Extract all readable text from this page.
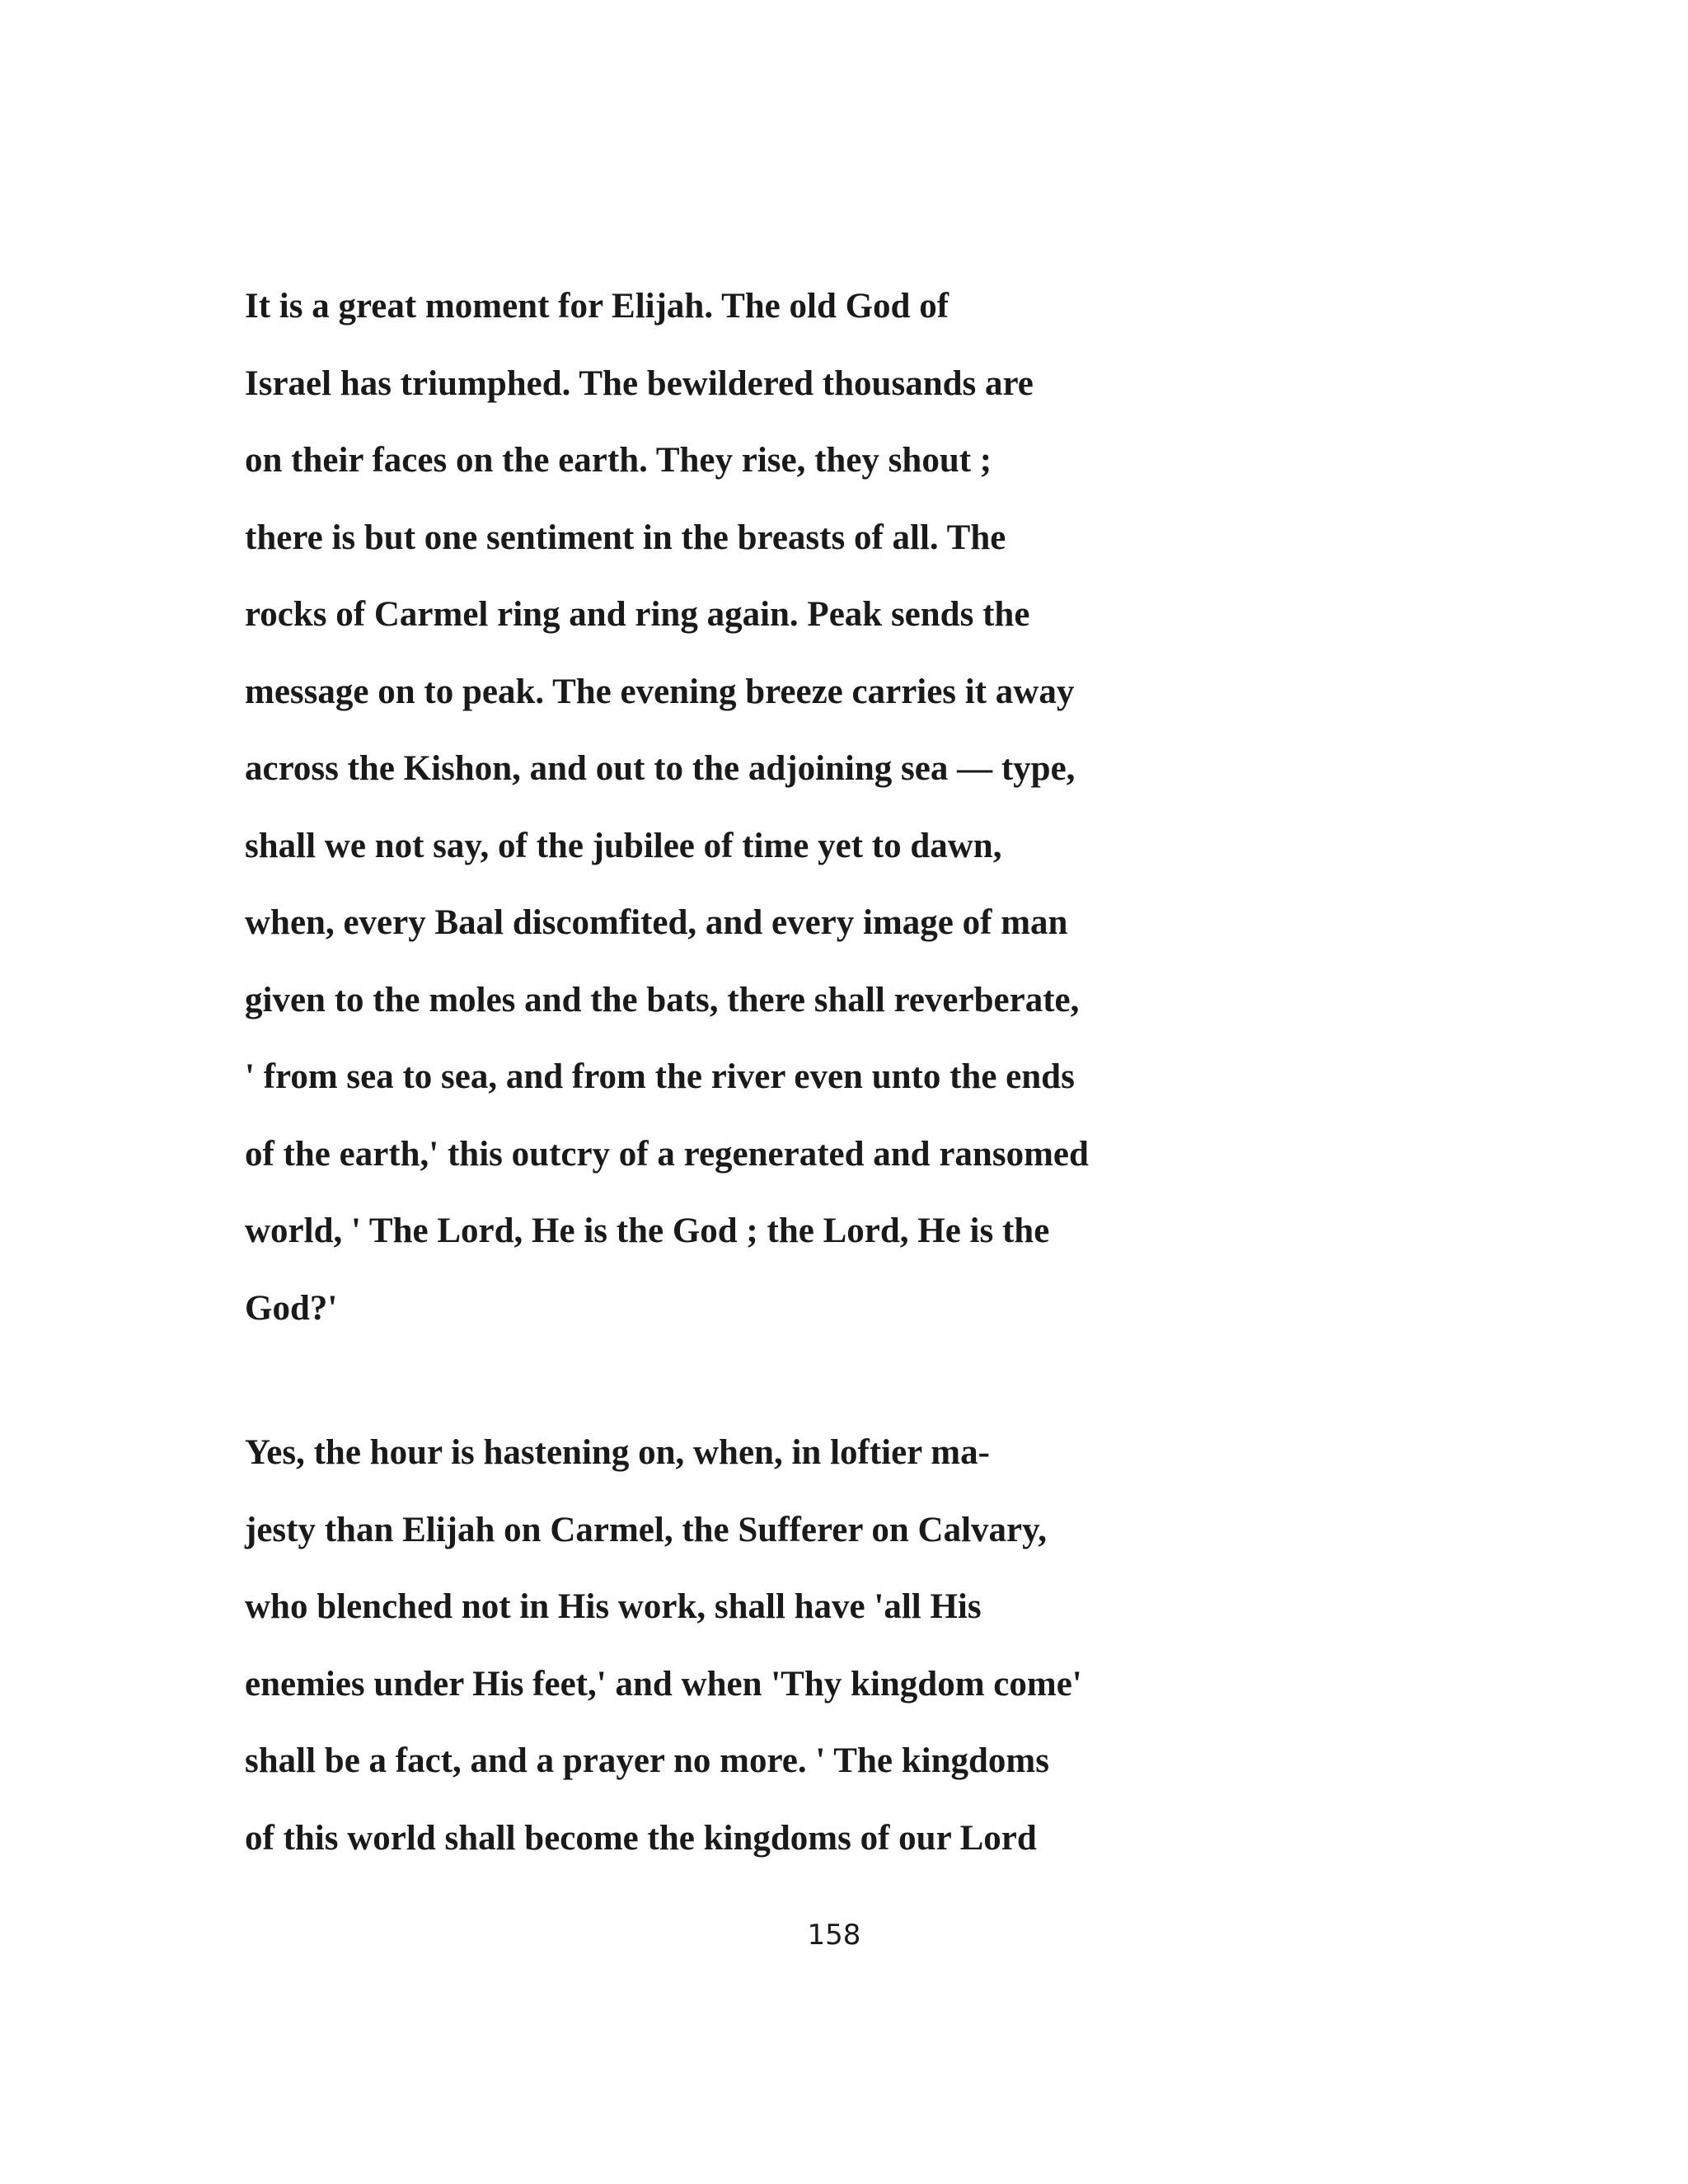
It is a great moment for Elijah. The old God of
Israel has triumphed. The bewildered thousands are
on their faces on the earth. They rise, they shout ;
there is but one sentiment in the breasts of all. The
rocks of Carmel ring and ring again. Peak sends the
message on to peak. The evening breeze carries it away
across the Kishon, and out to the adjoining sea — type,
shall we not say, of the jubilee of time yet to dawn,
when, every Baal discomfited, and every image of man
given to the moles and the bats, there shall reverberate,
' from sea to sea, and from the river even unto the ends
of the earth,' this outcry of a regenerated and ransomed
world, ' The Lord, He is the God ; the Lord, He is the
God?'
Yes, the hour is hastening on, when, in loftier ma-
jesty than Elijah on Carmel, the Sufferer on Calvary,
who blenched not in His work, shall have 'all His
enemies under His feet,' and when 'Thy kingdom come'
shall be a fact, and a prayer no more. ' The kingdoms
of this world shall become the kingdoms of our Lord
158
